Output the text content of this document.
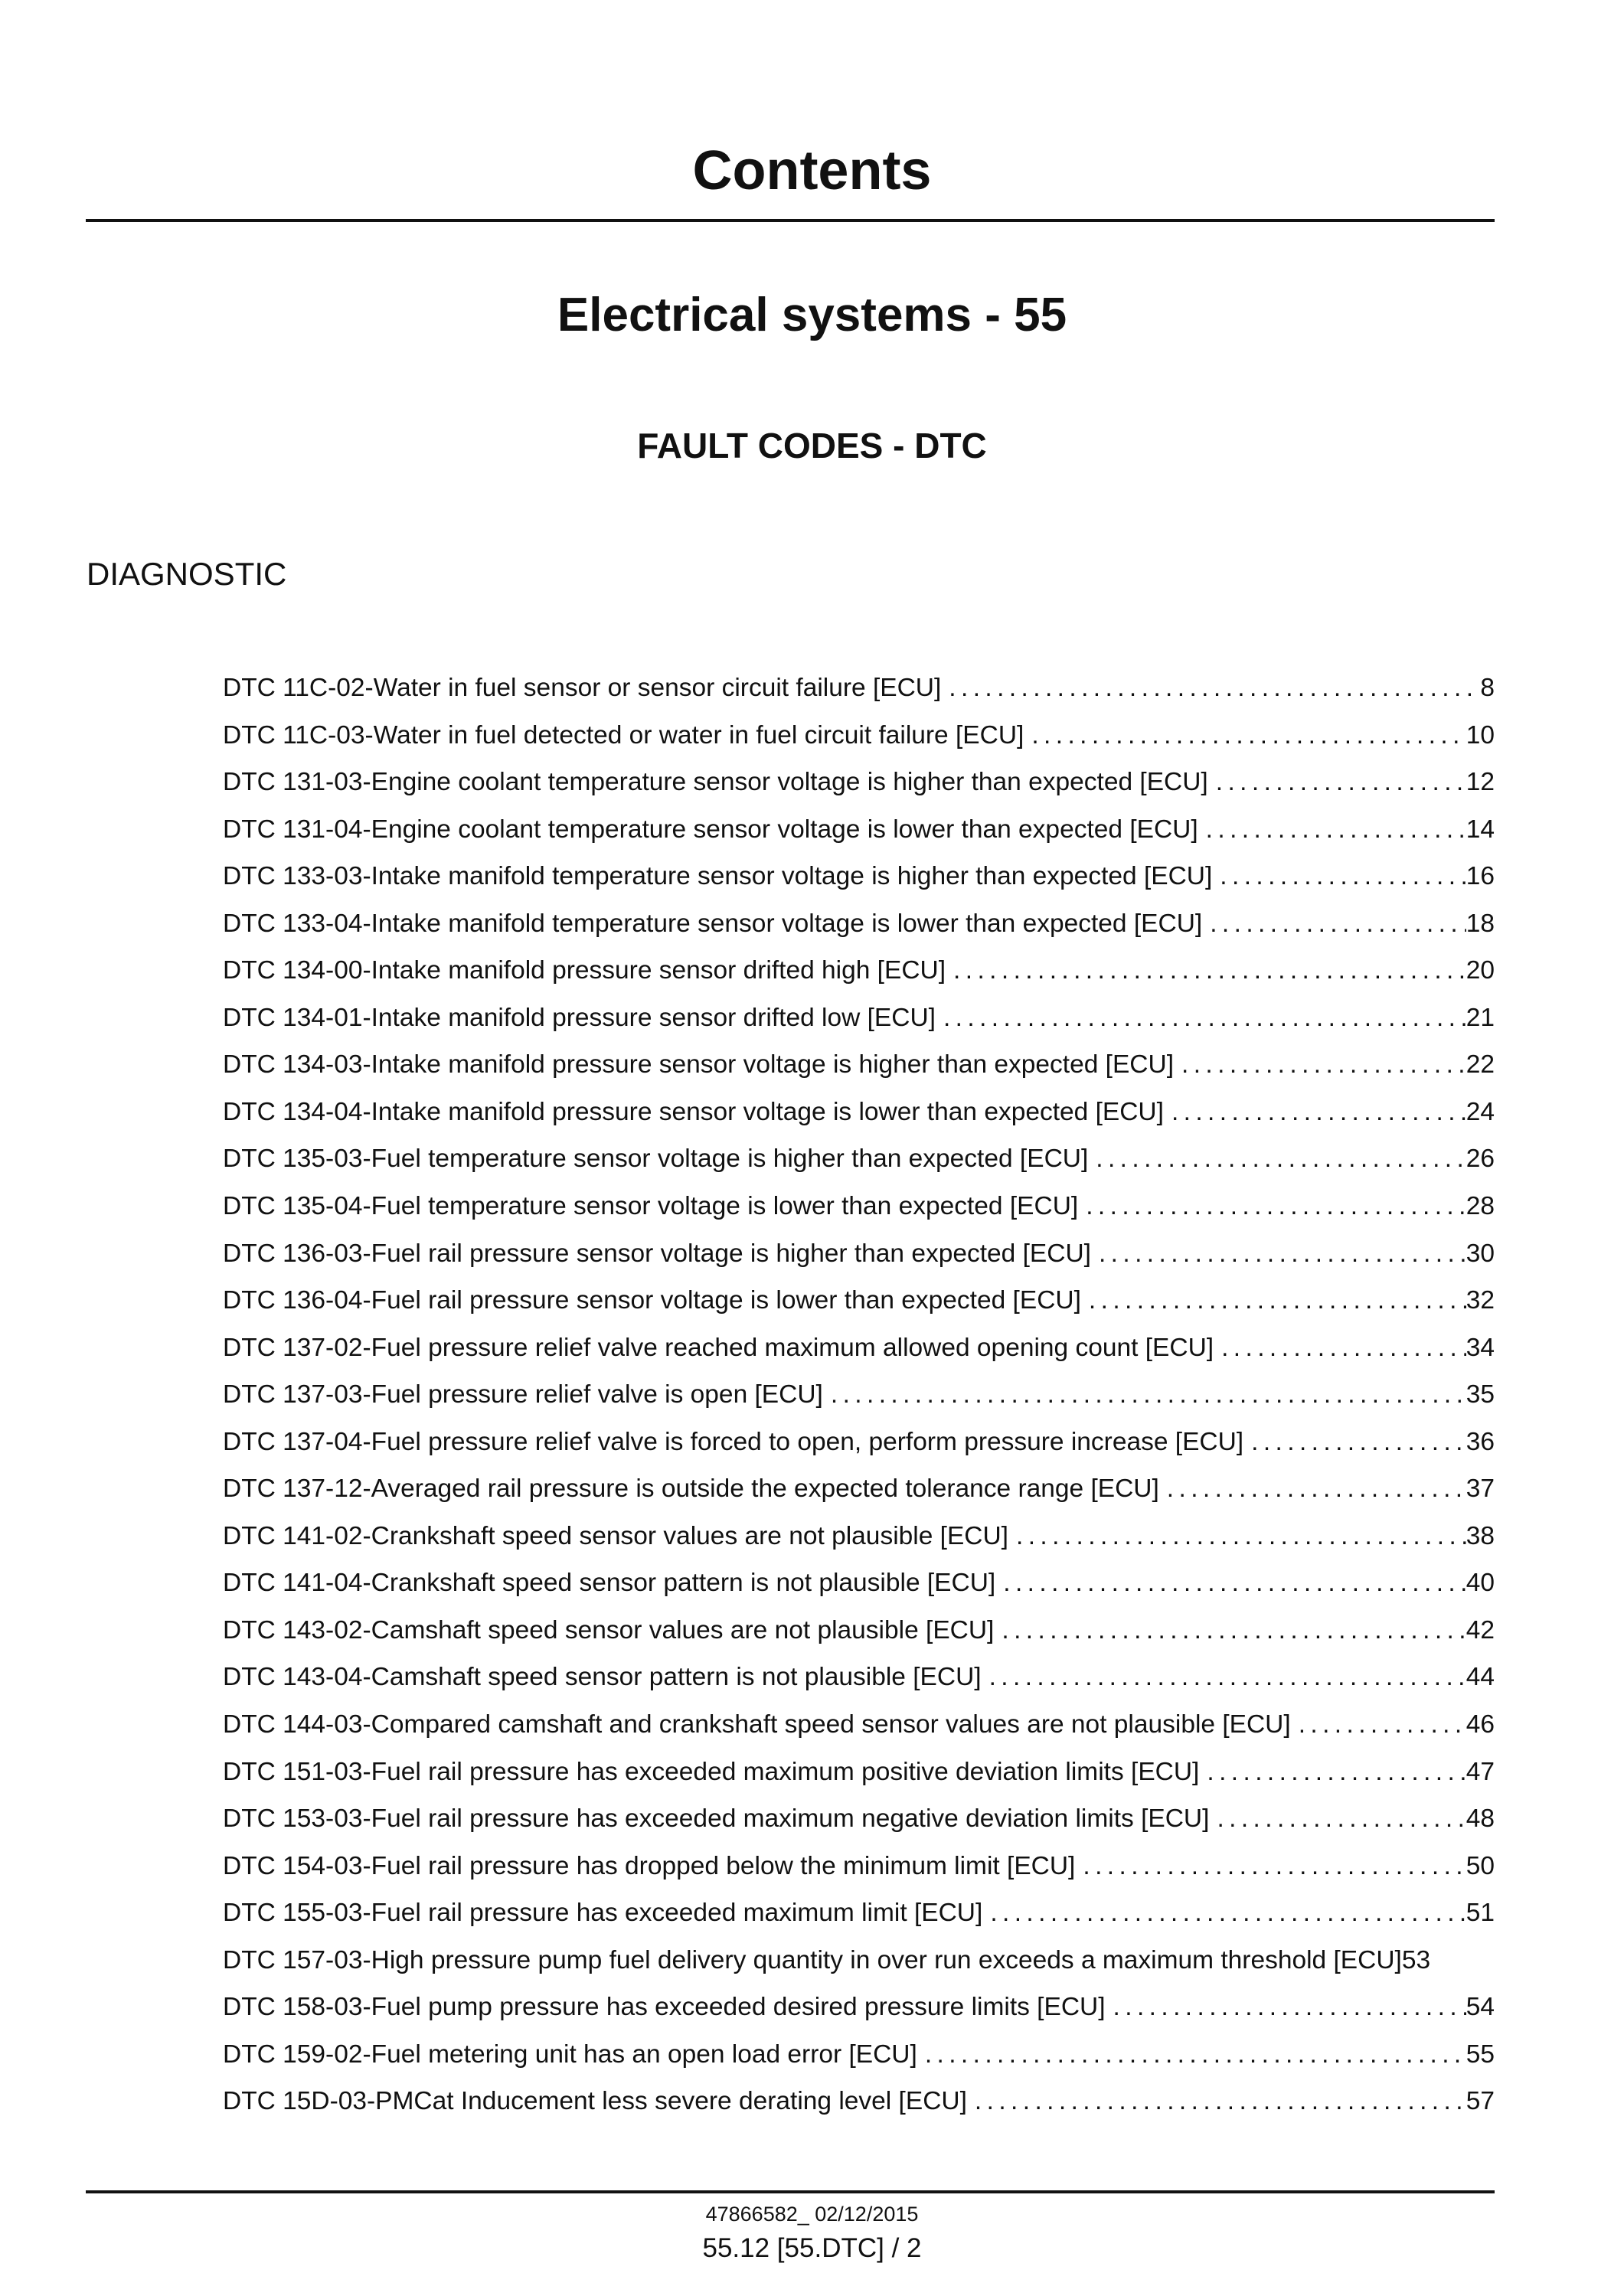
Contents
Electrical systems - 55
FAULT CODES - DTC
DIAGNOSTIC
DTC 11C-02-Water in fuel sensor or sensor circuit failure [ECU] .....	8
DTC 11C-03-Water in fuel detected or water in fuel circuit failure [ECU] .....	10
DTC 131-03-Engine coolant temperature sensor voltage is higher than expected [ECU] .....	12
DTC 131-04-Engine coolant temperature sensor voltage is lower than expected [ECU] .....	14
DTC 133-03-Intake manifold temperature sensor voltage is higher than expected [ECU] .....	16
DTC 133-04-Intake manifold temperature sensor voltage is lower than expected [ECU] .....	18
DTC 134-00-Intake manifold pressure sensor drifted high [ECU] .....	20
DTC 134-01-Intake manifold pressure sensor drifted low [ECU] .....	21
DTC 134-03-Intake manifold pressure sensor voltage is higher than expected [ECU] .....	22
DTC 134-04-Intake manifold pressure sensor voltage is lower than expected [ECU] .....	24
DTC 135-03-Fuel temperature sensor voltage is higher than expected [ECU] .....	26
DTC 135-04-Fuel temperature sensor voltage is lower than expected [ECU] .....	28
DTC 136-03-Fuel rail pressure sensor voltage is higher than expected [ECU] .....	30
DTC 136-04-Fuel rail pressure sensor voltage is lower than expected [ECU] .....	32
DTC 137-02-Fuel pressure relief valve reached maximum allowed opening count [ECU] .....	34
DTC 137-03-Fuel pressure relief valve is open [ECU] .....	35
DTC 137-04-Fuel pressure relief valve is forced to open, perform pressure increase [ECU] .....	36
DTC 137-12-Averaged rail pressure is outside the expected tolerance range [ECU] .....	37
DTC 141-02-Crankshaft speed sensor values are not plausible [ECU] .....	38
DTC 141-04-Crankshaft speed sensor pattern is not plausible [ECU] .....	40
DTC 143-02-Camshaft speed sensor values are not plausible [ECU] .....	42
DTC 143-04-Camshaft speed sensor pattern is not plausible [ECU] .....	44
DTC 144-03-Compared camshaft and crankshaft speed sensor values are not plausible [ECU] .....	46
DTC 151-03-Fuel rail pressure has exceeded maximum positive deviation limits [ECU] .....	47
DTC 153-03-Fuel rail pressure has exceeded maximum negative deviation limits [ECU] .....	48
DTC 154-03-Fuel rail pressure has dropped below the minimum limit [ECU] .....	50
DTC 155-03-Fuel rail pressure has exceeded maximum limit [ECU] .....	51
DTC 157-03-High pressure pump fuel delivery quantity in over run exceeds a maximum threshold [ECU] 53
DTC 158-03-Fuel pump pressure has exceeded desired pressure limits [ECU] .....	54
DTC 159-02-Fuel metering unit has an open load error [ECU] .....	55
DTC 15D-03-PMCat Inducement less severe derating level [ECU] .....	57
47866582_ 02/12/2015
55.12 [55.DTC] / 2
